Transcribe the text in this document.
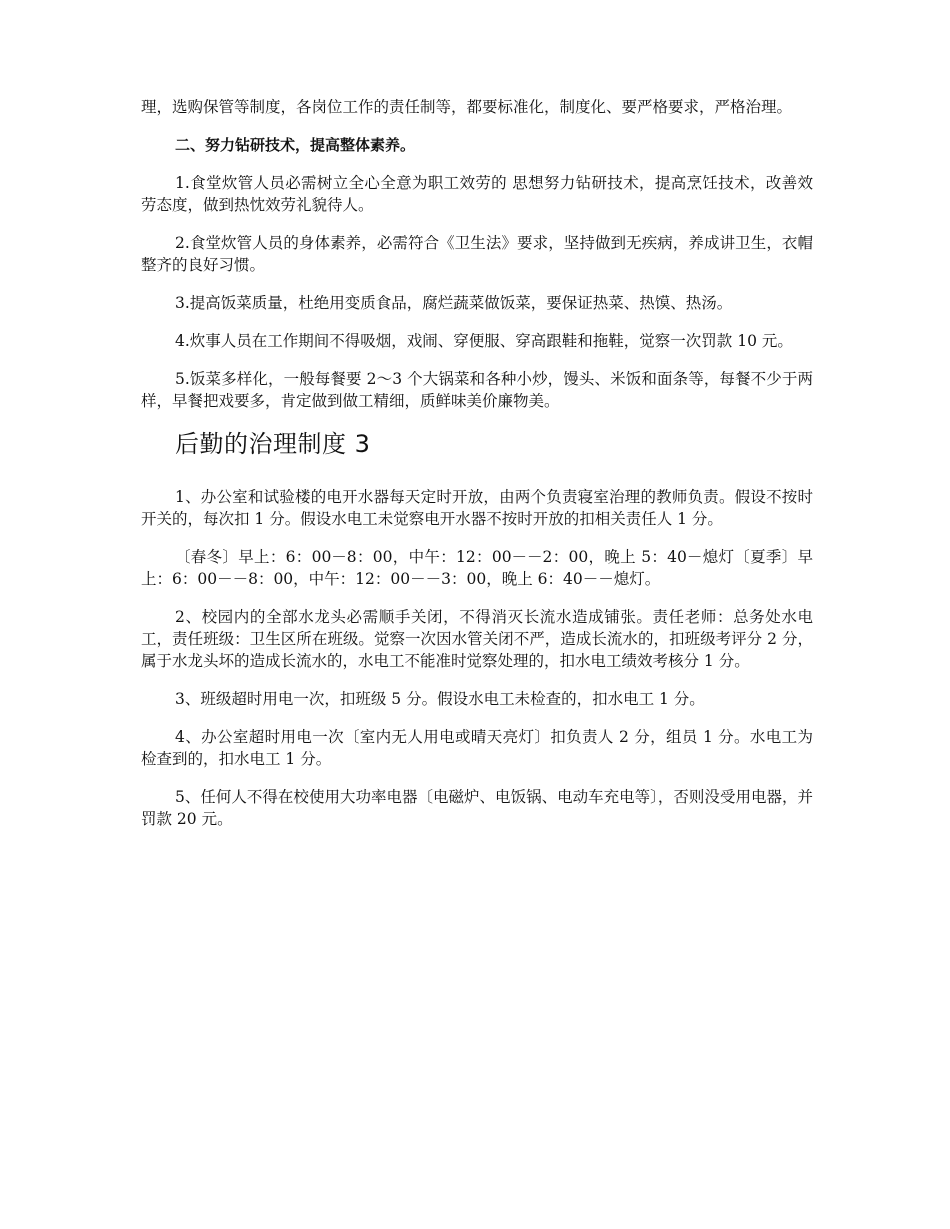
理，选购保管等制度，各岗位工作的责任制等，都要标准化，制度化、要严格要求，严格治理。

二、努力钻研技术，提高整体素养。

1.食堂炊管人员必需树立全心全意为职工效劳的 思想努力钻研技术，提高烹饪技术，改善效劳态度，做到热忱效劳礼貌待人。

2.食堂炊管人员的身体素养，必需符合《卫生法》要求，坚持做到无疾病，养成讲卫生，衣帽整齐的良好习惯。

3.提高饭菜质量，杜绝用变质食品，腐烂蔬菜做饭菜，要保证热菜、热馍、热汤。

4.炊事人员在工作期间不得吸烟，戏闹、穿便服、穿高跟鞋和拖鞋，觉察一次罚款 10 元。

5.饭菜多样化，一般每餐要 2～3 个大锅菜和各种小炒，馒头、米饭和面条等，每餐不少于两样，早餐把戏要多，肯定做到做工精细，质鲜味美价廉物美。

后勤的治理制度 3

1、办公室和试验楼的电开水器每天定时开放，由两个负责寝室治理的教师负责。假设不按时开关的，每次扣 1 分。假设水电工未觉察电开水器不按时开放的扣相关责任人 1 分。

〔春冬〕早上：6：00－8：00，中午：12：00－－2：00，晚上 5：40－熄灯〔夏季〕早上：6：00－－8：00，中午：12：00－－3：00，晚上 6：40－－熄灯。

2、校园内的全部水龙头必需顺手关闭，不得消灭长流水造成铺张。责任老师：总务处水电工，责任班级：卫生区所在班级。觉察一次因水管关闭不严，造成长流水的，扣班级考评分 2 分，属于水龙头坏的造成长流水的，水电工不能准时觉察处理的，扣水电工绩效考核分 1 分。

3、班级超时用电一次，扣班级 5 分。假设水电工未检查的，扣水电工 1 分。

4、办公室超时用电一次〔室内无人用电或晴天亮灯〕扣负责人 2 分，组员 1 分。水电工为检查到的，扣水电工 1 分。

5、任何人不得在校使用大功率电器〔电磁炉、电饭锅、电动车充电等〕，否则没受用电器，并罚款 20 元。
